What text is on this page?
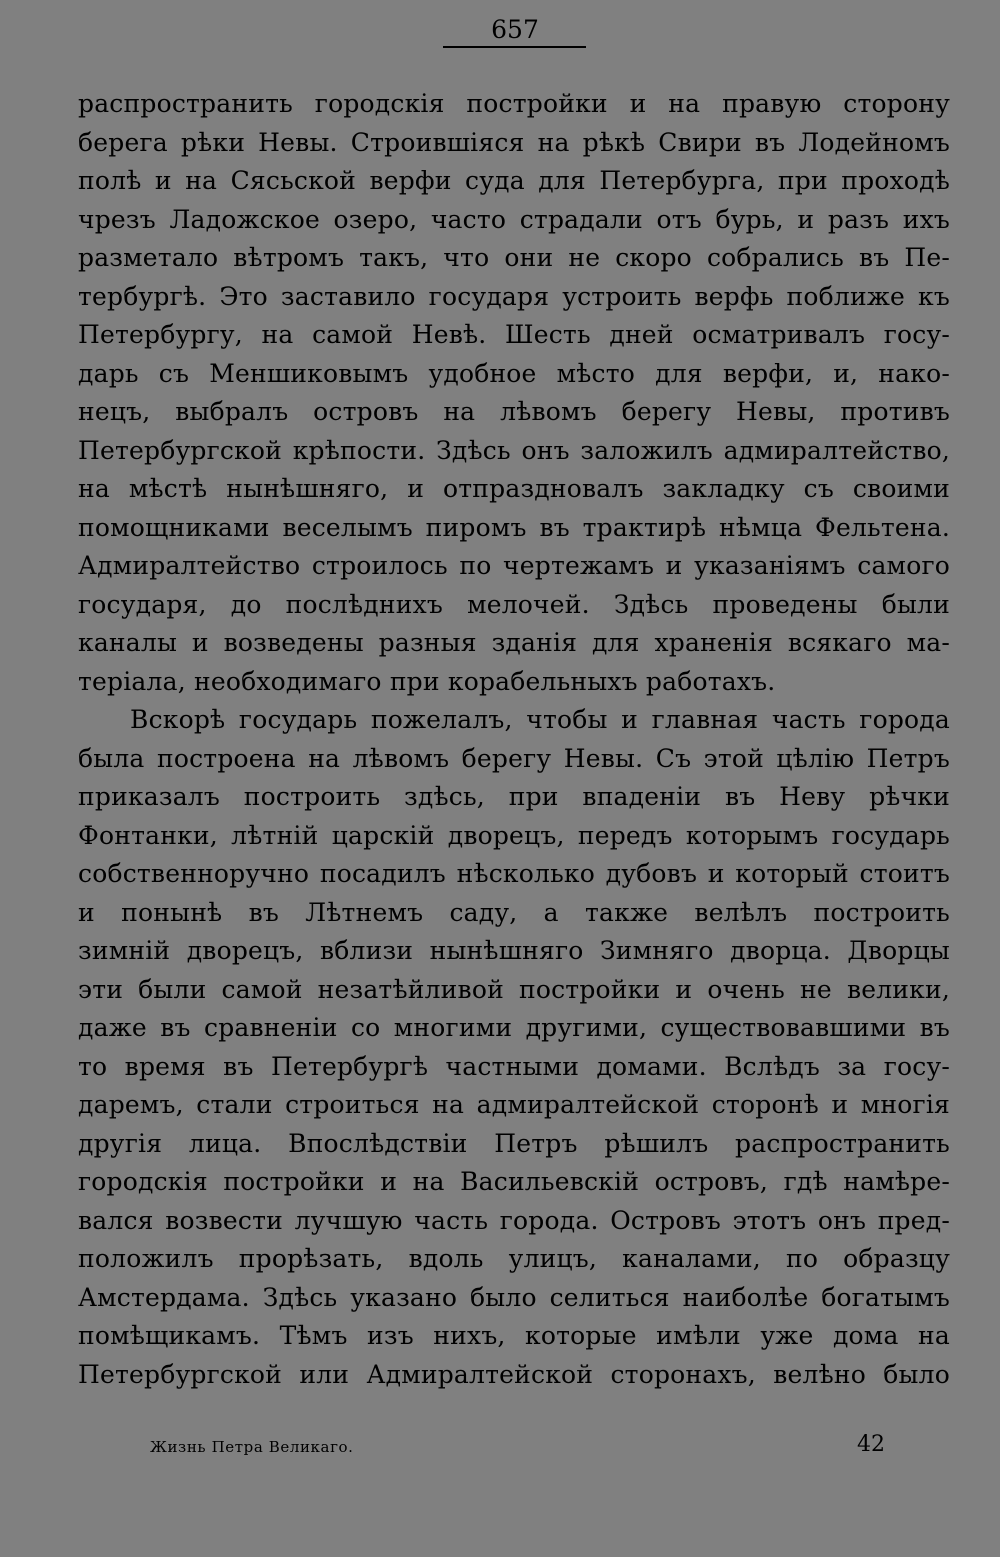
657
распространить городскія постройки и на правую сторону
берега рѣки Невы. Строившіяся на рѣкѣ Свири въ Лодейномъ
полѣ и на Сясьской верфи суда для Петербурга, при проходѣ
чрезъ Ладожское озеро, часто страдали отъ бурь, и разъ ихъ
разметало вѣтромъ такъ, что они не скоро собрались въ Пе-
тербургѣ. Это заставило государя устроить верфь поближе къ
Петербургу, на самой Невѣ. Шесть дней осматривалъ госу-
дарь съ Меншиковымъ удобное мѣсто для верфи, и, нако-
нецъ, выбралъ островъ на лѣвомъ берегу Невы, противъ
Петербургской крѣпости. Здѣсь онъ заложилъ адмиралтейство,
на мѣстѣ нынѣшняго, и отпраздновалъ закладку съ своими
помощниками веселымъ пиромъ въ трактирѣ нѣмца Фельтена.
Адмиралтейство строилось по чертежамъ и указаніямъ самого
государя, до послѣднихъ мелочей. Здѣсь проведены были
каналы и возведены разныя зданія для храненія всякаго ма-
теріала, необходимаго при корабельныхъ работахъ.
Вскорѣ государь пожелалъ, чтобы и главная часть города
была построена на лѣвомъ берегу Невы. Съ этой цѣлію Петръ
приказалъ построить здѣсь, при впаденіи въ Неву рѣчки
Фонтанки, лѣтній царскій дворецъ, передъ которымъ государь
собственноручно посадилъ нѣсколько дубовъ и который стоитъ
и понынѣ въ Лѣтнемъ саду, а также велѣлъ построить
зимній дворецъ, вблизи нынѣшняго Зимняго дворца. Дворцы
эти были самой незатѣйливой постройки и очень не велики,
даже въ сравненіи со многими другими, существовавшими въ
то время въ Петербургѣ частными домами. Вслѣдъ за госу-
даремъ, стали строиться на адмиралтейской сторонѣ и многія
другія лица. Впослѣдствіи Петръ рѣшилъ распространить
городскія постройки и на Васильевскій островъ, гдѣ намѣре-
вался возвести лучшую часть города. Островъ этотъ онъ пред-
положилъ прорѣзать, вдоль улицъ, каналами, по образцу
Амстердама. Здѣсь указано было селиться наиболѣе богатымъ
помѣщикамъ. Тѣмъ изъ нихъ, которые имѣли уже дома на
Петербургской или Адмиралтейской сторонахъ, велѣно было
Жизнь Петра Великаго.	42
